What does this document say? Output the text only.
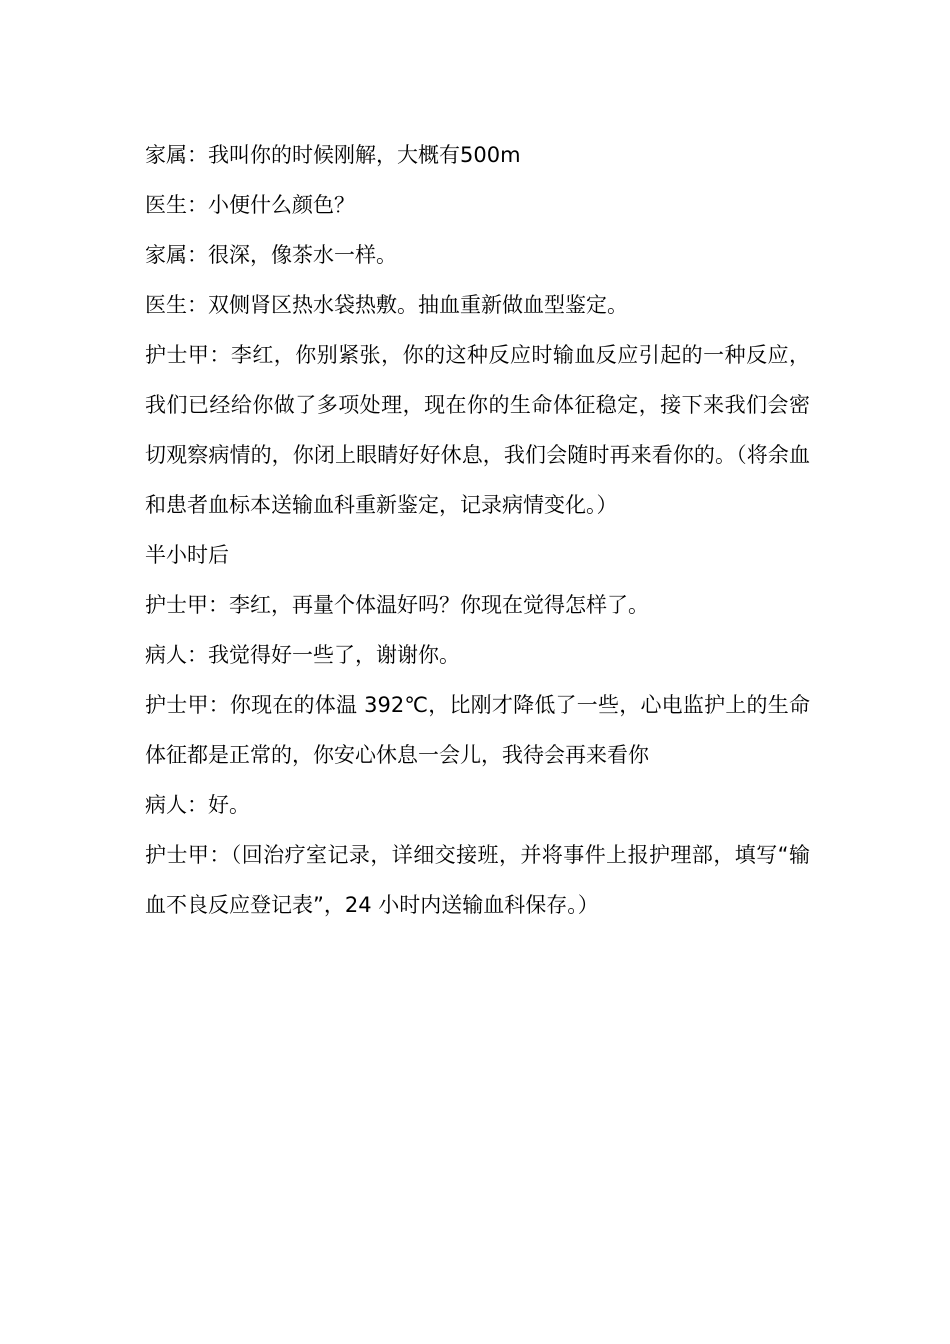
家属：我叫你的时候刚解，大概有500m

医生：小便什么颜色？

家属：很深，像茶水一样。

医生：双侧肾区热水袋热敷。抽血重新做血型鉴定。

护士甲：李红，你别紧张，你的这种反应时输血反应引起的一种反应，我们已经给你做了多项处理，现在你的生命体征稳定，接下来我们会密切观察病情的，你闭上眼睛好好休息，我们会随时再来看你的。（将余血和患者血标本送输血科重新鉴定，记录病情变化。）

半小时后

护士甲：李红，再量个体温好吗？你现在觉得怎样了。

病人：我觉得好一些了，谢谢你。

护士甲：你现在的体温 392℃，比刚才降低了一些，心电监护上的生命体征都是正常的，你安心休息一会儿，我待会再来看你

病人：好。

护士甲：（回治疗室记录，详细交接班，并将事件上报护理部，填写“输血不良反应登记表”，24 小时内送输血科保存。）
